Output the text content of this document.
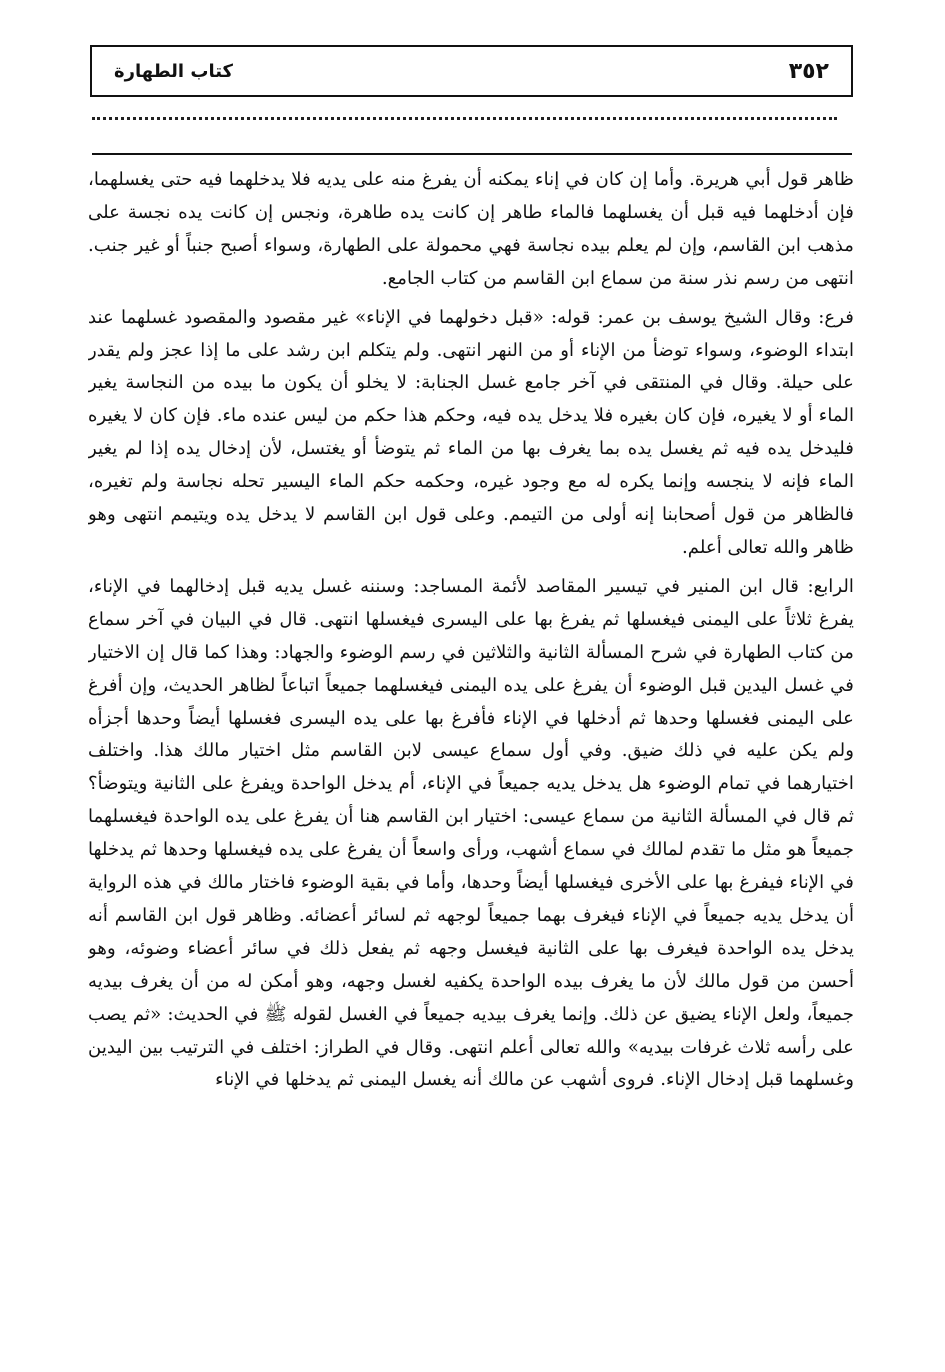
٣٥٢
كتاب الطهارة

ظاهر قول أبي هريرة. وأما إن كان في إناء يمكنه أن يفرغ منه على يديه فلا يدخلهما فيه حتى يغسلهما، فإن أدخلهما فيه قبل أن يغسلهما فالماء طاهر إن كانت يده طاهرة، ونجس إن كانت يده نجسة على مذهب ابن القاسم، وإن لم يعلم بيده نجاسة فهي محمولة على الطهارة، وسواء أصبح جنباً أو غير جنب. انتهى من رسم نذر سنة من سماع ابن القاسم من كتاب الجامع.

فرع: وقال الشيخ يوسف بن عمر: قوله: «قبل دخولهما في الإناء» غير مقصود والمقصود غسلهما عند ابتداء الوضوء، وسواء توضأ من الإناء أو من النهر انتهى. ولم يتكلم ابن رشد على ما إذا عجز ولم يقدر على حيلة. وقال في المنتقى في آخر جامع غسل الجنابة: لا يخلو أن يكون ما بيده من النجاسة يغير الماء أو لا يغيره، فإن كان بغيره فلا يدخل يده فيه، وحكم هذا حكم من ليس عنده ماء. فإن كان لا يغيره فليدخل يده فيه ثم يغسل يده بما يغرف بها من الماء ثم يتوضأ أو يغتسل، لأن إدخال يده إذا لم يغير الماء فإنه لا ينجسه وإنما يكره له مع وجود غيره، وحكمه حكم الماء اليسير تحله نجاسة ولم تغيره، فالظاهر من قول أصحابنا إنه أولى من التيمم. وعلى قول ابن القاسم لا يدخل يده ويتيمم انتهى وهو ظاهر والله تعالى أعلم.

الرابع: قال ابن المنير في تيسير المقاصد لأئمة المساجد: وسننه غسل يديه قبل إدخالهما في الإناء، يفرغ ثلاثاً على اليمنى فيغسلها ثم يفرغ بها على اليسرى فيغسلها انتهى. قال في البيان في آخر سماع من كتاب الطهارة في شرح المسألة الثانية والثلاثين في رسم الوضوء والجهاد: وهذا كما قال إن الاختيار في غسل اليدين قبل الوضوء أن يفرغ على يده اليمنى فيغسلهما جميعاً اتباعاً لظاهر الحديث، وإن أفرغ على اليمنى فغسلها وحدها ثم أدخلها في الإناء فأفرغ بها على يده اليسرى فغسلها أيضاً وحدها أجزأه ولم يكن عليه في ذلك ضيق. وفي أول سماع عيسى لابن القاسم مثل اختيار مالك هذا. واختلف اختيارهما في تمام الوضوء هل يدخل يديه جميعاً في الإناء، أم يدخل الواحدة ويفرغ على الثانية ويتوضأ؟ ثم قال في المسألة الثانية من سماع عيسى: اختيار ابن القاسم هنا أن يفرغ على يده الواحدة فيغسلهما جميعاً هو مثل ما تقدم لمالك في سماع أشهب، ورأى واسعاً أن يفرغ على يده فيغسلها وحدها ثم يدخلها في الإناء فيفرغ بها على الأخرى فيغسلها أيضاً وحدها، وأما في بقية الوضوء فاختار مالك في هذه الرواية أن يدخل يديه جميعاً في الإناء فيغرف بهما جميعاً لوجهه ثم لسائر أعضائه. وظاهر قول ابن القاسم أنه يدخل يده الواحدة فيغرف بها على الثانية فيغسل وجهه ثم يفعل ذلك في سائر أعضاء وضوئه، وهو أحسن من قول مالك لأن ما يغرف بيده الواحدة يكفيه لغسل وجهه، وهو أمكن له من أن يغرف بيديه جميعاً، ولعل الإناء يضيق عن ذلك. وإنما يغرف بيديه جميعاً في الغسل لقوله ﷺ في الحديث: «ثم يصب على رأسه ثلاث غرفات بيديه» والله تعالى أعلم انتهى. وقال في الطراز: اختلف في الترتيب بين اليدين وغسلهما قبل إدخال الإناء. فروى أشهب عن مالك أنه يغسل اليمنى ثم يدخلها في الإناء
